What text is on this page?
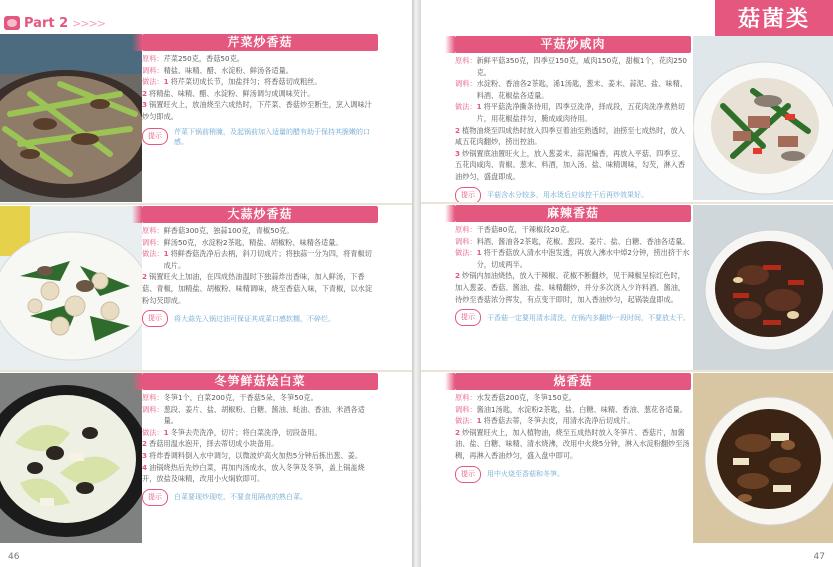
Part 2 >>>>
芹菜炒香菇
原料： 芹菜250克，香菇50克。
调料： 精盐、味精、醋、水淀粉、鲜汤各适量。
做法： 1 将芹菜切成长节，加盐拌匀；将香菇切成粗丝。
2 将精盐、味精、醋、水淀粉、鲜汤调匀成调味芡汁。
3 锅置旺火上，放油烧至六成热时，下芹菜、香菇炒至断生，烹入调味汁炒匀即成。
提示
芹菜下锅前稍腌，及起锅前加入适量的醋有助于保持其脆嫩的口感。
大蒜炒香菇
原料： 鲜香菇300克，独蒜100克，青椒50克。
调料： 鲜汤50克，水淀粉2茶匙，精盐、胡椒粉、味精各适量。
做法： 1 将鲜香菇洗净后去柄，斜刀切成片；将独蒜一分为四，将青椒切成片。
2 锅置旺火上加油，在四成热油温时下独蒜炸出香味，加入鲜汤，下香菇、青椒，加精盐、胡椒粉、味精调味，烧至香菇入味，下青椒，以水淀粉勾芡即成。
提示	将大蒜先入锅过油可保证其成菜口感软糯，不碎烂。
冬笋鲜菇烩白菜
原料： 冬笋1个，白菜200克，干香菇5朵，冬笋50克。
调料： 葱段、姜片、盐、胡椒粉、白糖、酱油、蚝油、香油、米酒各适量。
做法： 1 冬笋去壳洗净，切片；将白菜洗净，切段备用。
2 香菇用温水泡开，择去蒂切成小块备用。
3 将炸香调料倒入水中调匀，以微波炉高火加热5分钟后拣出葱、姜。
4 油锅烧热后先炒白菜，再加内汤成水，放入冬笋及冬笋，盖上锅盖烧开，放盐及味精，改用小火焖软即可。
提示	白菜要现炒现吃，不要食用隔夜的熟白菜。
46
菇菌类
平菇炒咸肉
原料： 新鲜平菇350克，四季豆150克，咸肉150克，甜椒1个，花肉250克。
调料： 水淀粉、香油各2茶匙，浠1汤匙，葱末、姜末、蒜泥、盐、味精、料酒、花椒盐各适量。
做法： 1 将平菇洗净撕条待用，四季豆洗净，择成段，五花肉洗净煮熟切片，用花椒盐拌匀，腌成咸肉待用。
2 植物油烧至四成热时放入四季豆着油至熟透时，油捞至七成热时，放入咸五花肉翻炒，捞出控油。
3 炒锅置底油置旺火上，放入葱姜末、蒜泥煸香，再放入平菇、四季豆、五花肉咸肉、青椒、葱末、料酒，加入汤、盐、味精调味，勾芡，淋入香油炒匀，盛盘即成。
提示	平菇含水分较多，用水烫后应该控干后再炒效果好。
麻辣香菇
原料： 干香菇80克，干辣椒段20克。
调料： 料酒、酱油各2茶匙，花椒、葱段、姜片、盐、白糖、香油各适量。
做法： 1 将干香菇放入清水中泡发透，再放入沸水中焯2分钟，捞出挤干水分，切成两半。
2 炒锅内加油烧热，放入干辣椒、花椒不断翻炒，见干辣椒呈棕红色时，加入葱姜、香菇、酱油、盐、味精翻炒，并分多次浇入少许料酒、酱油，待炒至香菇浓分挥发，有点变干即时，加入香油炒匀，起锅装盘即成。
提示	干香菇一定要用清水清洗，在锅内多翻炒一段时间，不要放太干。
烧香菇
原料： 水发香菇200克，冬笋150克。
调料： 酱油1汤匙，水淀粉2茶匙，盐、白糖、味精、香油、葱花各适量。
做法： 1 将香菇去蒂，冬笋去皮，用清水洗净后切成片。
2 炒锅置旺火上，加入植物油，烧至五成热时放入冬笋片、香菇片，加酱油、盐、白糖、味精、清水烧沸，改用中火烧5分钟，淋入水淀粉翻炒至汤稠，再淋入香油炒匀，盛入盘中即可。
提示	用中火烧至香菇和冬笋。
47
